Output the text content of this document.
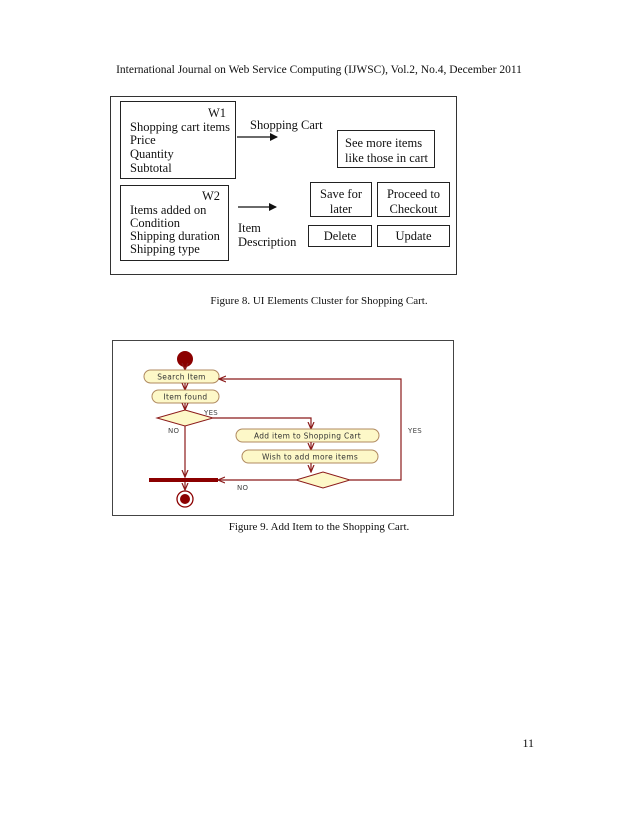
International Journal on Web Service Computing (IJWSC), Vol.2, No.4, December 2011
W1
Shopping cart items
Price
Quantity
Subtotal
Shopping Cart
See more items
like those in cart
W2
Items added on
Condition
Shipping duration
Shipping type
Item
Description
Save for
later
Proceed to
Checkout
Delete	Update
Figure 8. UI Elements Cluster for Shopping Cart.
Search Item
Item found
YES
NO
Add item to Shopping Cart
Wish to add more items
YES
NO
Figure 9. Add Item to the Shopping Cart.
11
